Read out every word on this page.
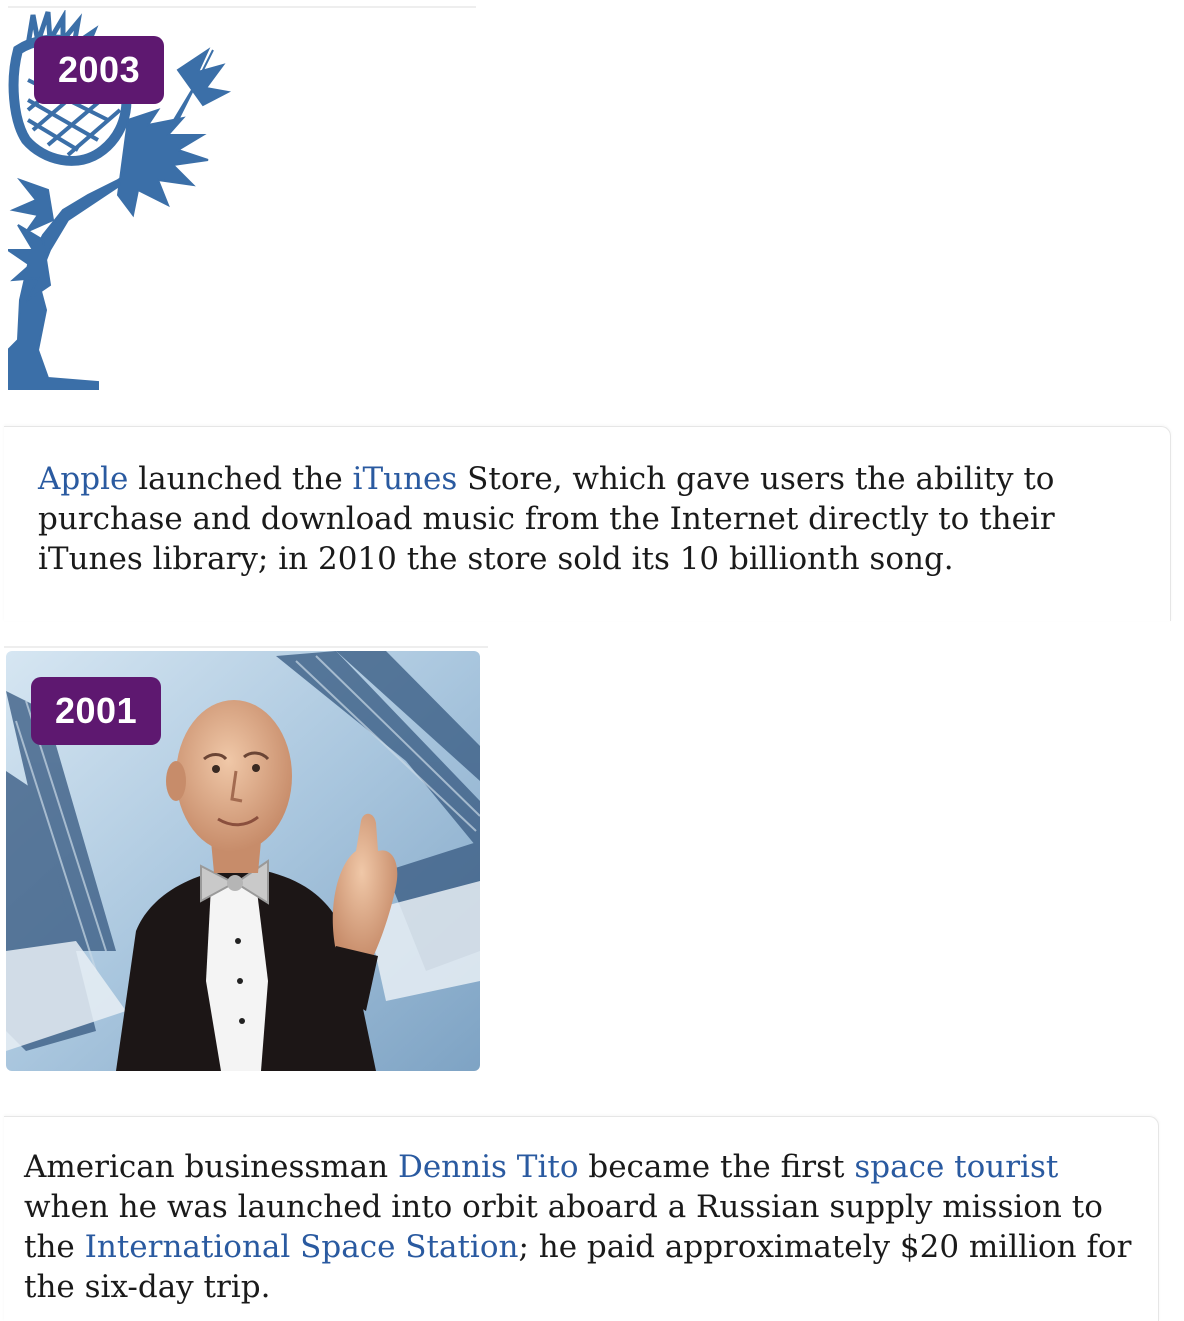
2003

Apple launched the iTunes Store, which gave users the ability to purchase and download music from the Internet directly to their iTunes library; in 2010 the store sold its 10 billionth song.

2001

American businessman Dennis Tito became the first space tourist when he was launched into orbit aboard a Russian supply mission to the International Space Station; he paid approximately $20 million for the six-day trip.
